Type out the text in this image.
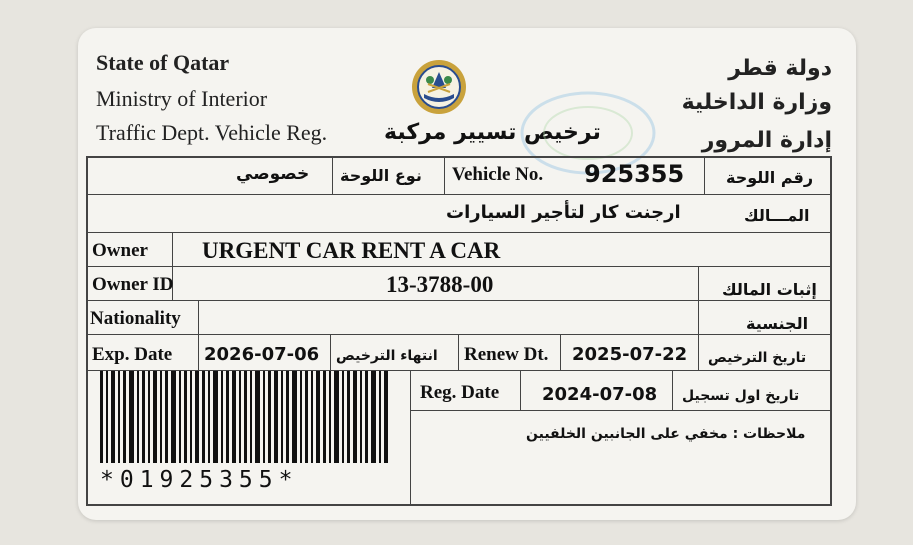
State of Qatar
Ministry of Interior
Traffic Dept. Vehicle Reg.	ترخيص تسيير مركبة
دولة قطر
وزارة الداخلية
إدارة المرور
خصوصي نوع اللوحة Vehicle No. 925355	رقم اللوحة
ارجنت كار لتأجير السيارات	المـــالك
Owner URGENT CAR RENT A CAR
Owner ID	13-3788-00	إثبات المالك
Nationality	الجنسية
Exp. Date 2026-07-06 انتهاء الترخيص Renew Dt. 2025-07-22 تاريخ الترخيص
Reg. Date 2024-07-08 تاريخ اول تسجيل
ملاحظات : مخفي على الجانبين الخلفيين
*01925355*
